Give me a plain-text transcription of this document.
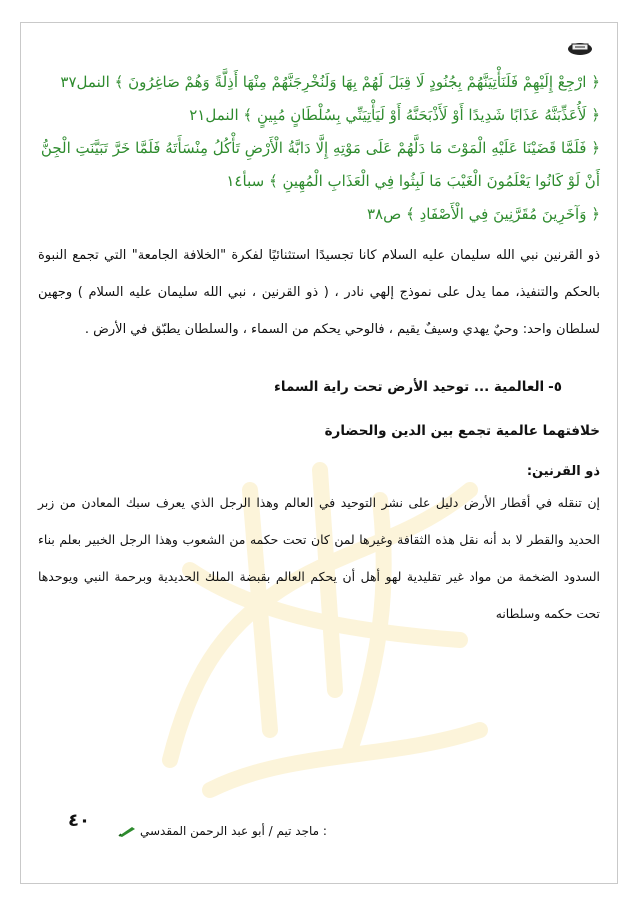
﴿ ارْجِعْ إِلَيْهِمْ فَلَنَأْتِيَنَّهُمْ بِجُنُودٍ لَا قِبَلَ لَهُمْ بِهَا وَلَنُخْرِجَنَّهُمْ مِنْهَا أَذِلَّةً وَهُمْ صَاغِرُونَ ﴾ النمل٣٧

﴿ لَأُعَذِّبَنَّهُ عَذَابًا شَدِيدًا أَوْ لَأَذْبَحَنَّهُ أَوْ لَيَأْتِيَنِّي بِسُلْطَانٍ مُبِينٍ ﴾ النمل٢١

﴿ فَلَمَّا قَضَيْنَا عَلَيْهِ الْمَوْتَ مَا دَلَّهُمْ عَلَى مَوْتِهِ إِلَّا دَابَّةُ الْأَرْضِ تَأْكُلُ مِنْسَأَتَهُ فَلَمَّا خَرَّ تَبَيَّنَتِ الْجِنُّ أَنْ لَوْ كَانُوا يَعْلَمُونَ الْغَيْبَ مَا لَبِثُوا فِي الْعَذَابِ الْمُهِينِ ﴾ سبأ١٤

﴿ وَآخَرِينَ مُقَرَّنِينَ فِي الْأَصْفَادِ ﴾ ص٣٨

ذو القرنين نبي الله سليمان عليه السلام كانا تجسيدًا استثنائيًا لفكرة "الخلافة الجامعة" التي تجمع النبوة بالحكم والتنفيذ، مما يدل على نموذج إلهي نادر ، ( ذو القرنين ، نبي الله سليمان عليه السلام ) وجهين لسلطان واحد: وحيٌ يهدي وسيفٌ يقيم ، فالوحي يحكم من السماء ، والسلطان يطبّق في الأرض .

٥-العالمية ... توحيد الأرض تحت راية السماء
خلافتهما عالمية تجمع بين الدين والحضارة
ذو القرنين:

إن تنقله في أقطار الأرض دليل على نشر التوحيد في العالم وهذا الرجل الذي يعرف سبك المعادن من زبر الحديد والقطر لا بد أنه نقل هذه الثقافة وغيرها لمن كان تحت حكمه من الشعوب وهذا الرجل الخبير بعلم بناء السدود الضخمة من مواد غير تقليدية لهو أهل أن يحكم العالم بقبضة الملك الحديدية وبرحمة النبي ويوحدها تحت حكمه وسلطانه

٤٠	: ماجد تيم / أبو عبد الرحمن المقدسي
